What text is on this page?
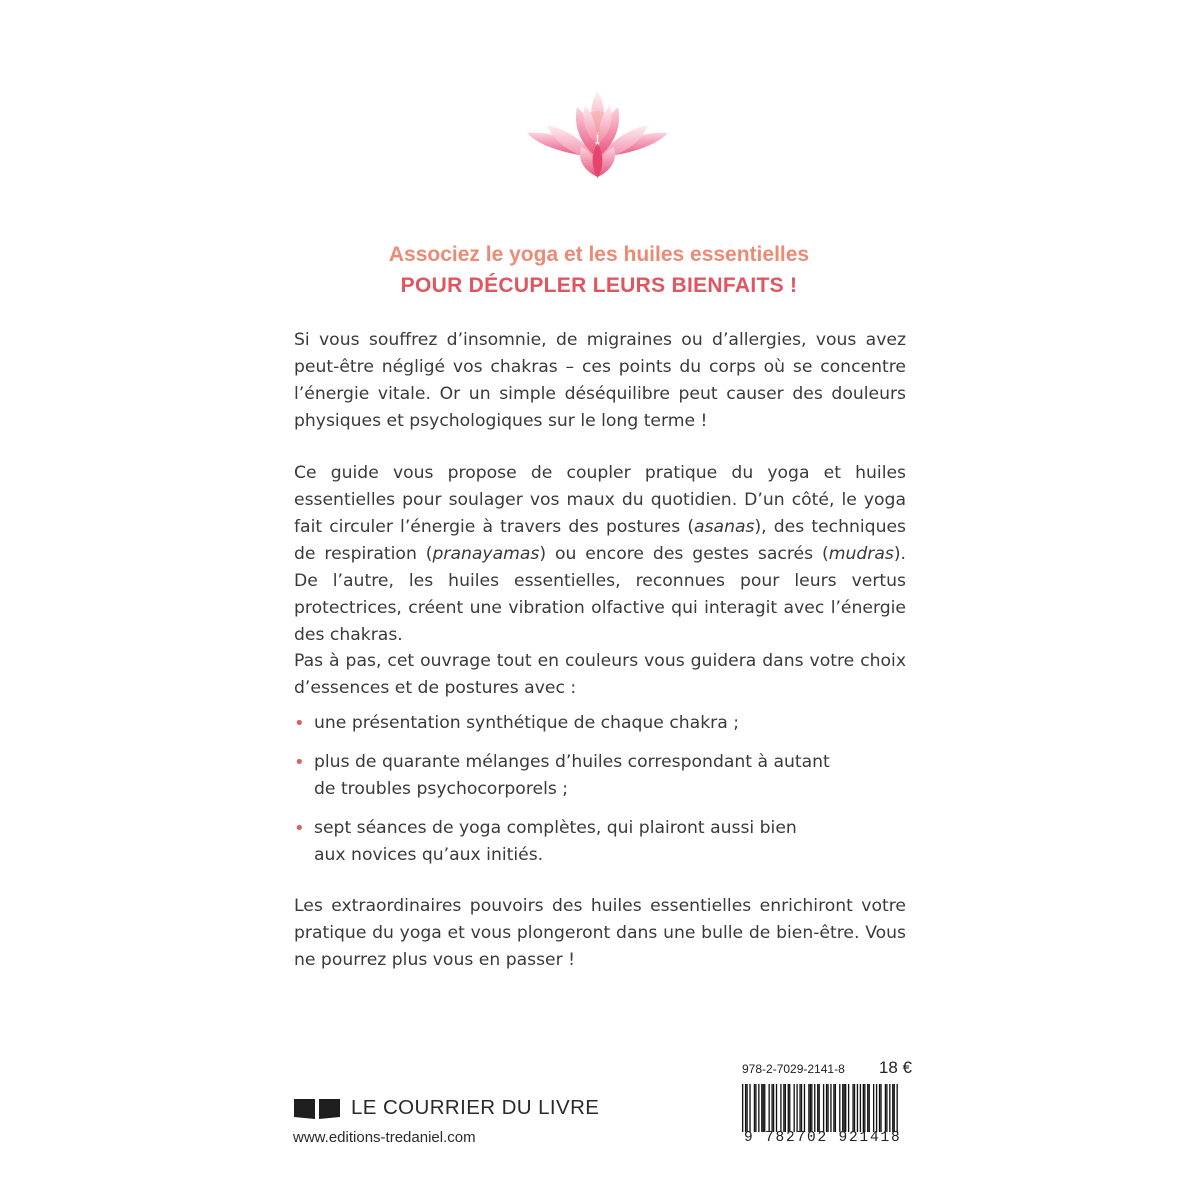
Associez le yoga et les huiles essentielles
POUR DÉCUPLER LEURS BIENFAITS !
Si vous souffrez d’insomnie, de migraines ou d’allergies, vous avez peut-être négligé vos chakras – ces points du corps où se concentre l’énergie vitale. Or un simple déséquilibre peut causer des douleurs physiques et psychologiques sur le long terme !
Ce guide vous propose de coupler pratique du yoga et huiles essentielles pour soulager vos maux du quotidien. D’un côté, le yoga fait circuler l’énergie à travers des postures (asanas), des techniques de respiration (pranayamas) ou encore des gestes sacrés (mudras). De l’autre, les huiles essentielles, reconnues pour leurs vertus protectrices, créent une vibration olfactive qui interagit avec l’énergie des chakras.
Pas à pas, cet ouvrage tout en couleurs vous guidera dans votre choix d’essences et de postures avec :
• une présentation synthétique de chaque chakra ;
• plus de quarante mélanges d’huiles correspondant à autant de troubles psychocorporels ;
• sept séances de yoga complètes, qui plairont aussi bien aux novices qu’aux initiés.
Les extraordinaires pouvoirs des huiles essentielles enrichiront votre pratique du yoga et vous plongeront dans une bulle de bien-être. Vous ne pourrez plus vous en passer !
LE COURRIER DU LIVRE
www.editions-tredaniel.com
978-2-7029-2141-8 18 €
9 782702 921418
